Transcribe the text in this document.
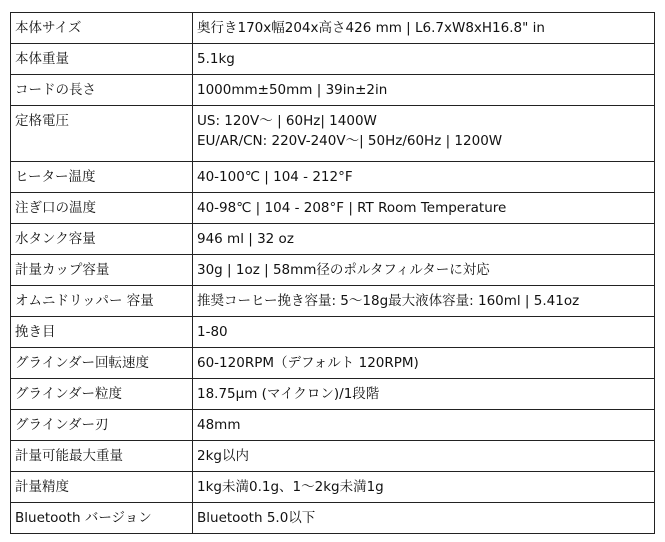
本体サイズ	奥行き170x幅204x高さ426 mm | L6.7xW8xH16.8" in
本体重量	5.1kg
コードの長さ	1000mm±50mm | 39in±2in
定格電圧	US: 120V～ | 60Hz| 1400W
EU/AR/CN: 220V-240V～| 50Hz/60Hz | 1200W

ヒーター温度	40-100℃ | 104 - 212°F
注ぎ口の温度	40-98℃ | 104 - 208°F | RT Room Temperature
水タンク容量	946 ml | 32 oz
計量カップ容量	30g | 1oz | 58mm径のポルタフィルターに対応
オムニドリッパー 容量	推奨コーヒー挽き容量: 5～18g最大液体容量: 160ml | 5.41oz
挽き目	1-80
グラインダー回転速度	60-120RPM（デフォルト 120RPM)
グラインダー粒度	18.75μm (マイクロン)/1段階
グラインダー刃	48mm
計量可能最大重量	2kg以内
計量精度	1kg未満0.1g、1～2kg未満1g
Bluetooth バージョン	Bluetooth 5.0以下
